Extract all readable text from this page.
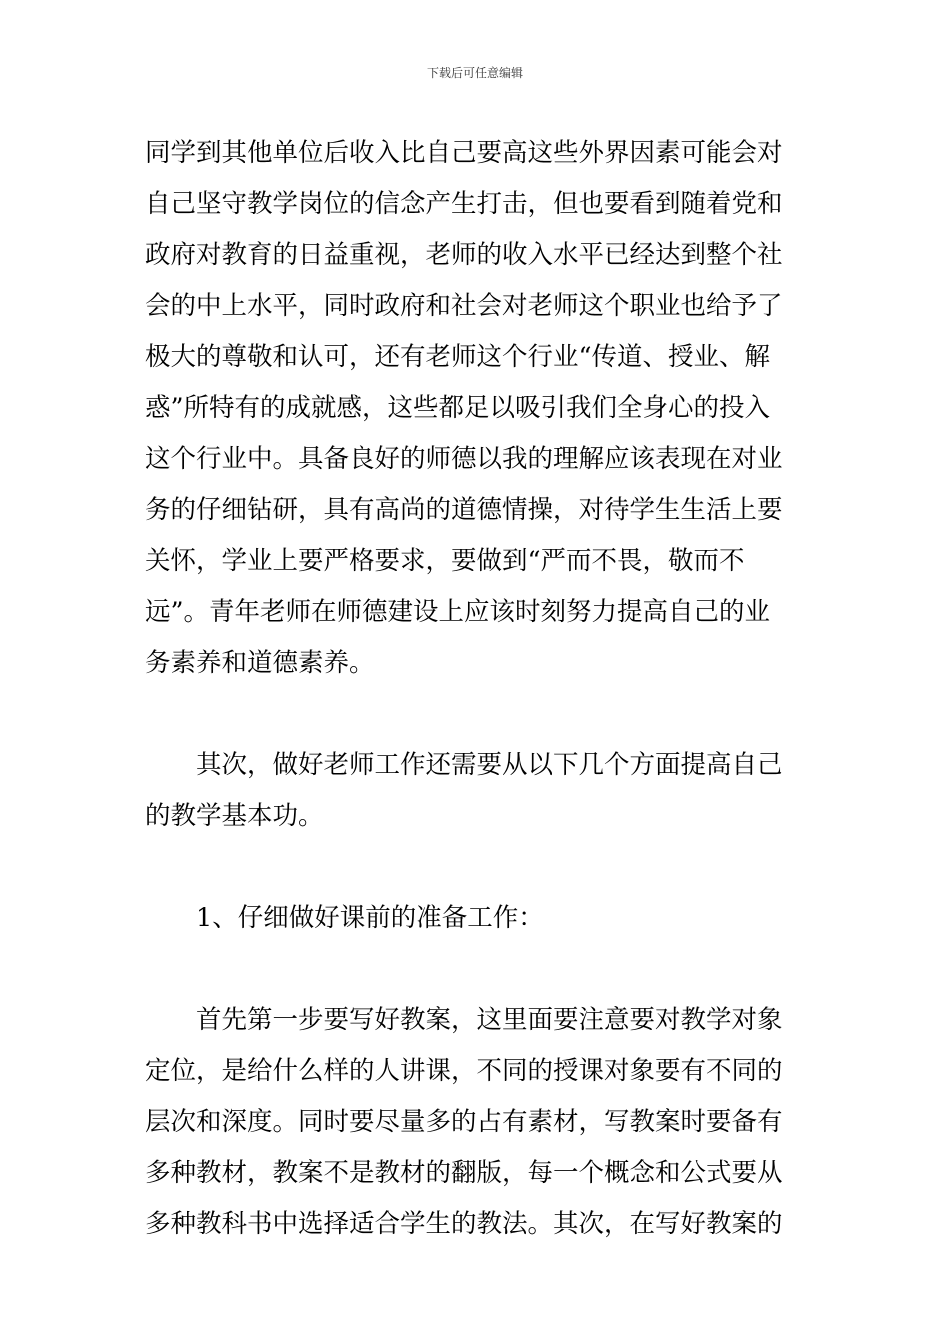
下载后可任意编辑
同学到其他单位后收入比自己要高这些外界因素可能会对
自己坚守教学岗位的信念产生打击，但也要看到随着党和
政府对教育的日益重视，老师的收入水平已经达到整个社
会的中上水平，同时政府和社会对老师这个职业也给予了
极大的尊敬和认可，还有老师这个行业“传道、授业、解
惑”所特有的成就感，这些都足以吸引我们全身心的投入
这个行业中。具备良好的师德以我的理解应该表现在对业
务的仔细钻研，具有高尚的道德情操，对待学生生活上要
关怀，学业上要严格要求，要做到“严而不畏，敬而不
远”。青年老师在师德建设上应该时刻努力提高自己的业
务素养和道德素养。
其次，做好老师工作还需要从以下几个方面提高自己
的教学基本功。
1、仔细做好课前的准备工作：
首先第一步要写好教案，这里面要注意要对教学对象
定位，是给什么样的人讲课，不同的授课对象要有不同的
层次和深度。同时要尽量多的占有素材，写教案时要备有
多种教材，教案不是教材的翻版，每一个概念和公式要从
多种教科书中选择适合学生的教法。其次，在写好教案的
